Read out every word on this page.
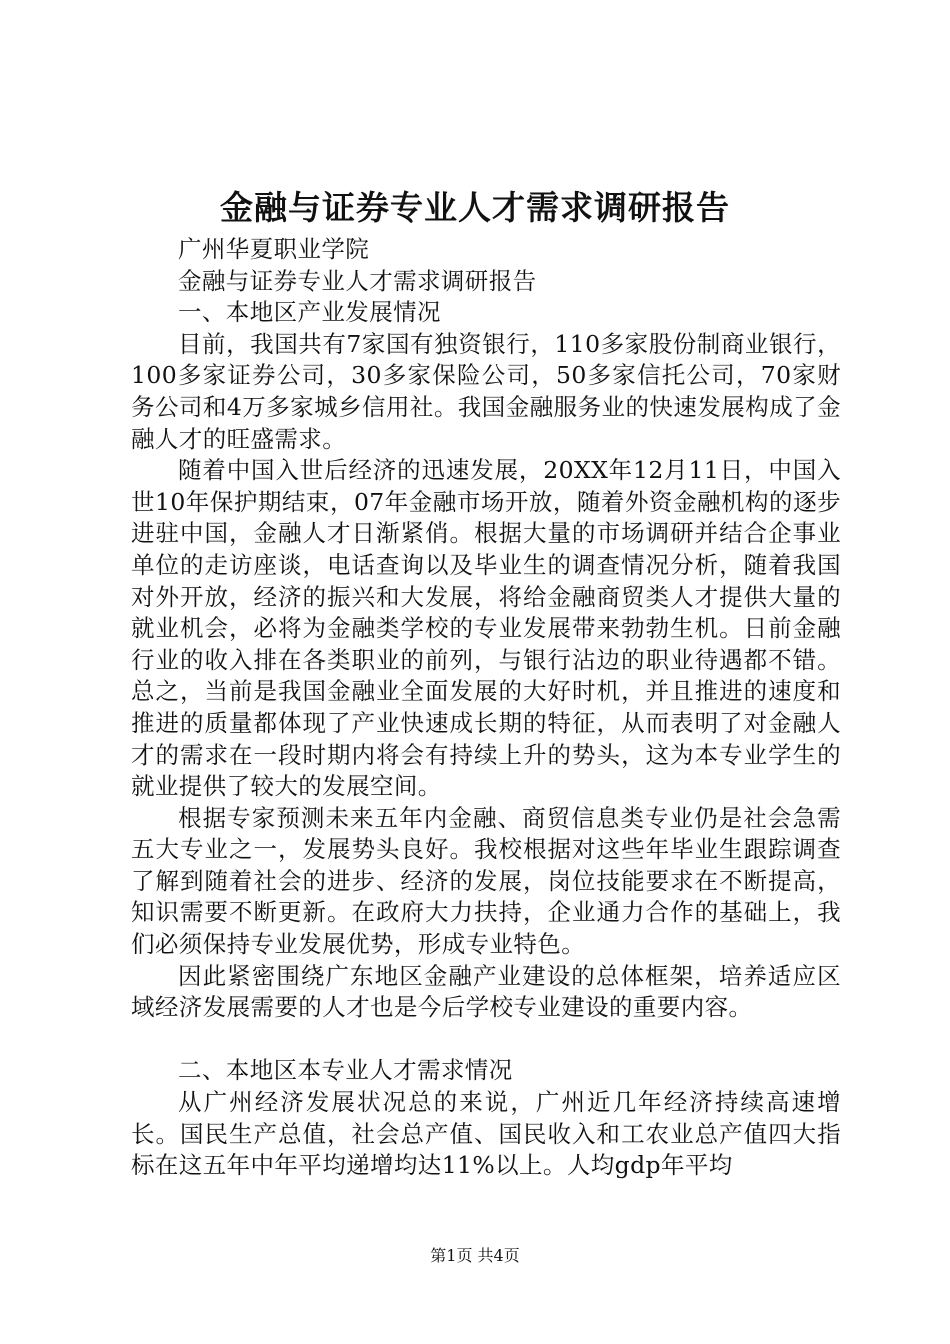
金融与证券专业人才需求调研报告

广州华夏职业学院

金融与证券专业人才需求调研报告

一、本地区产业发展情况

目前，我国共有7家国有独资银行，110多家股份制商业银行，100多家证券公司，30多家保险公司，50多家信托公司，70家财务公司和4万多家城乡信用社。我国金融服务业的快速发展构成了金融人才的旺盛需求。

随着中国入世后经济的迅速发展，20XX年12月11日，中国入世10年保护期结束，07年金融市场开放，随着外资金融机构的逐步进驻中国，金融人才日渐紧俏。根据大量的市场调研并结合企事业单位的走访座谈，电话查询以及毕业生的调查情况分析，随着我国对外开放，经济的振兴和大发展，将给金融商贸类人才提供大量的就业机会，必将为金融类学校的专业发展带来勃勃生机。日前金融行业的收入排在各类职业的前列，与银行沾边的职业待遇都不错。总之，当前是我国金融业全面发展的大好时机，并且推进的速度和推进的质量都体现了产业快速成长期的特征，从而表明了对金融人才的需求在一段时期内将会有持续上升的势头，这为本专业学生的就业提供了较大的发展空间。

根据专家预测未来五年内金融、商贸信息类专业仍是社会急需五大专业之一，发展势头良好。我校根据对这些年毕业生跟踪调查了解到随着社会的进步、经济的发展，岗位技能要求在不断提高，知识需要不断更新。在政府大力扶持，企业通力合作的基础上，我们必须保持专业发展优势，形成专业特色。

因此紧密围绕广东地区金融产业建设的总体框架，培养适应区域经济发展需要的人才也是今后学校专业建设的重要内容。

二、本地区本专业人才需求情况

从广州经济发展状况总的来说，广州近几年经济持续高速增长。国民生产总值，社会总产值、国民收入和工农业总产值四大指标在这五年中年平均递增均达11%以上。人均gdp年平均

第1页 共4页
